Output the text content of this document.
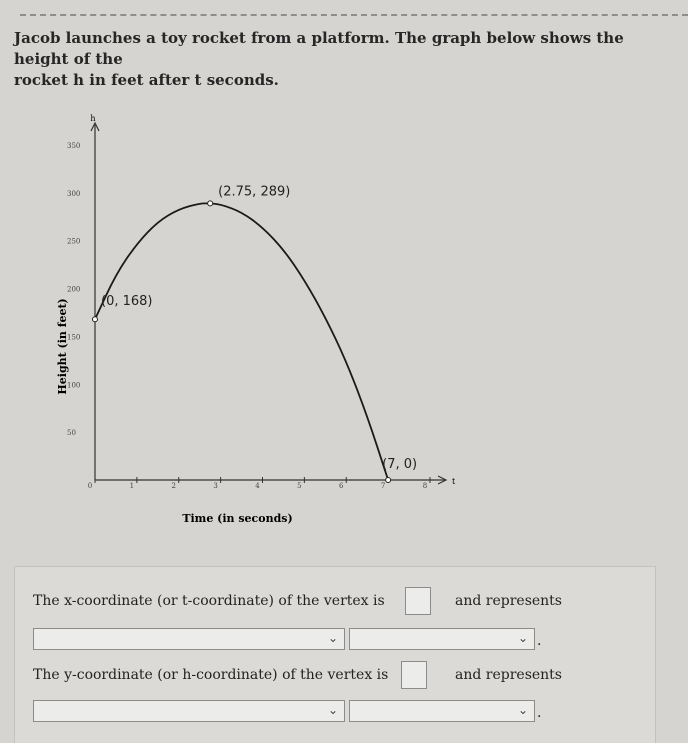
Jacob launches a toy rocket from a platform. The graph below shows the height of the
rocket h in feet after t seconds.
h
t
50
100
150
200
250
300
350
0	1	2	3	4	5	6	7	8
Time (in seconds)
Height (in feet) (0, 168)
(2.75, 289)
(7, 0)
The x-coordinate (or t-coordinate) of the vertex is	and represents
⌄	⌄ .
The y-coordinate (or h-coordinate) of the vertex is	and represents
⌄	⌄ .
